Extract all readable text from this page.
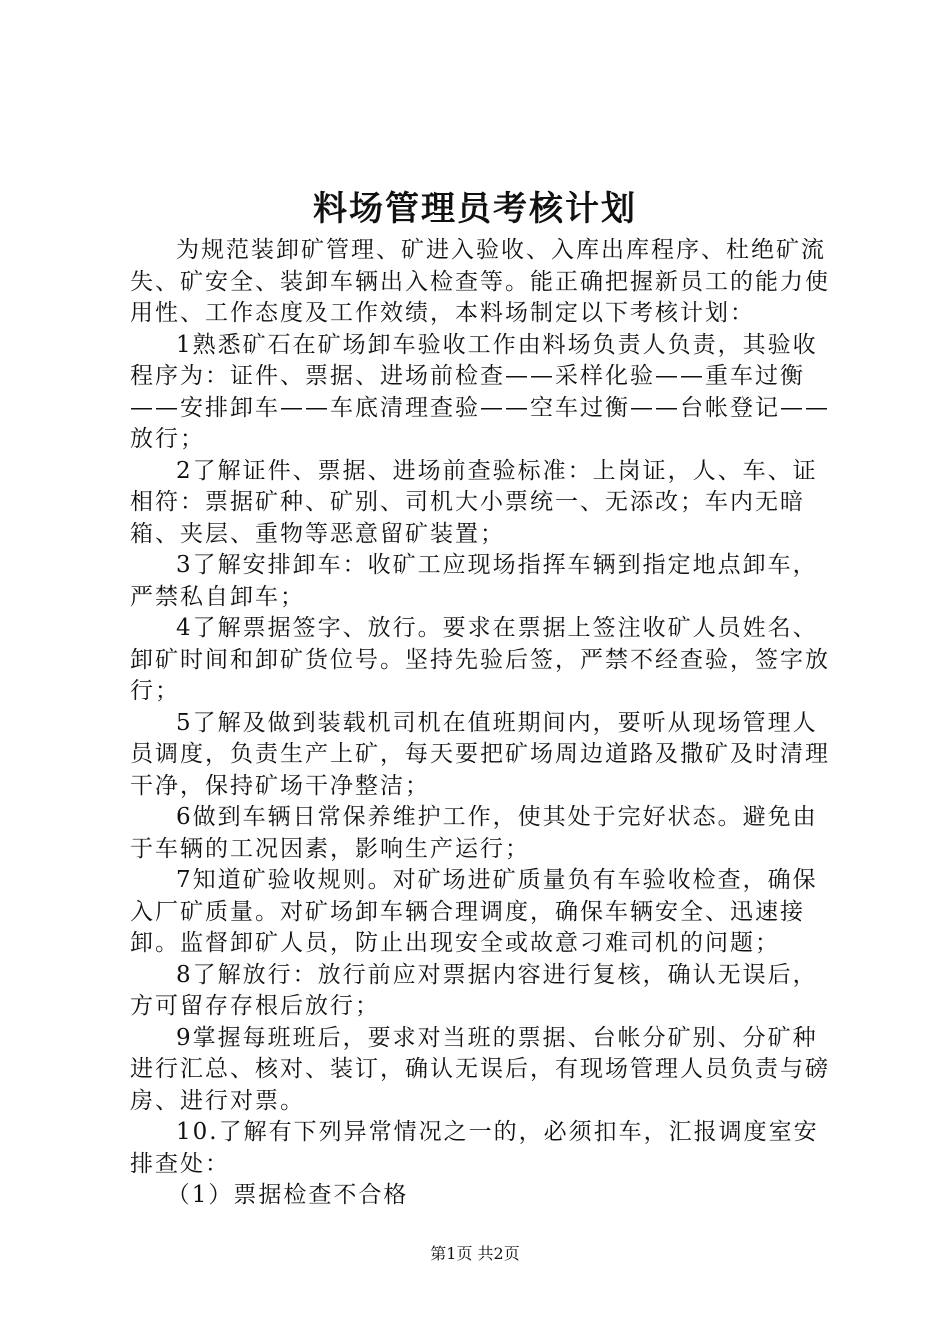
料场管理员考核计划

为规范装卸矿管理、矿进入验收、入库出库程序、杜绝矿流失、矿安全、装卸车辆出入检查等。能正确把握新员工的能力使用性、工作态度及工作效绩，本料场制定以下考核计划：

1熟悉矿石在矿场卸车验收工作由料场负责人负责，其验收程序为：证件、票据、进场前检查——采样化验——重车过衡——安排卸车——车底清理查验——空车过衡——台帐登记——放行；

2了解证件、票据、进场前查验标准：上岗证，人、车、证相符：票据矿种、矿别、司机大小票统一、无添改；车内无暗箱、夹层、重物等恶意留矿装置；

3了解安排卸车：收矿工应现场指挥车辆到指定地点卸车，严禁私自卸车；

4了解票据签字、放行。要求在票据上签注收矿人员姓名、卸矿时间和卸矿货位号。坚持先验后签，严禁不经查验，签字放行；

5了解及做到装载机司机在值班期间内，要听从现场管理人员调度，负责生产上矿，每天要把矿场周边道路及撒矿及时清理干净，保持矿场干净整洁；

6做到车辆日常保养维护工作，使其处于完好状态。避免由于车辆的工况因素，影响生产运行；

7知道矿验收规则。对矿场进矿质量负有车验收检查，确保入厂矿质量。对矿场卸车辆合理调度，确保车辆安全、迅速接卸。监督卸矿人员，防止出现安全或故意刁难司机的问题；

8了解放行：放行前应对票据内容进行复核，确认无误后，方可留存存根后放行；

9掌握每班班后，要求对当班的票据、台帐分矿别、分矿种进行汇总、核对、装订，确认无误后，有现场管理人员负责与磅房、进行对票。

10.了解有下列异常情况之一的，必须扣车，汇报调度室安排查处：

（1）票据检查不合格

第1页 共2页
